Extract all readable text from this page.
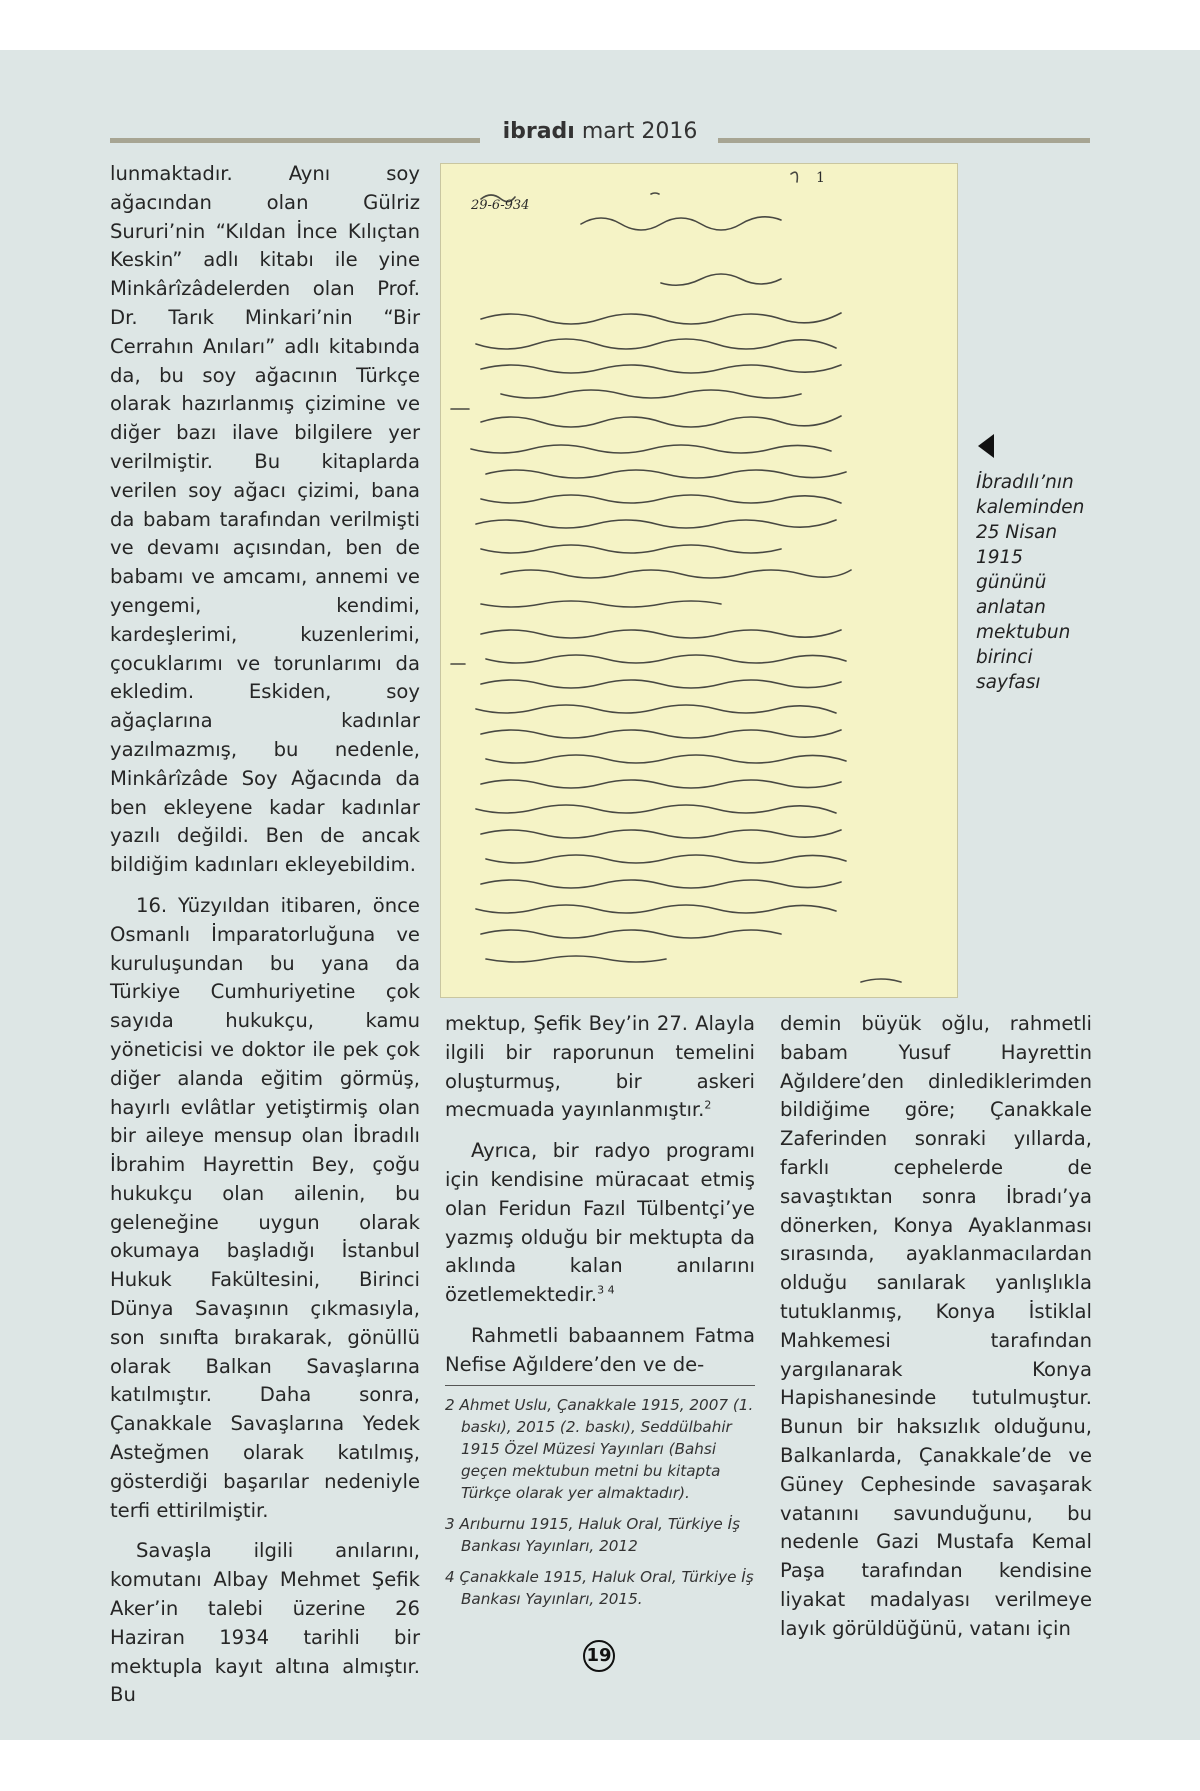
ibradı mart 2016

lunmaktadır. Aynı soy ağacından olan Gülriz Sururi’nin “Kıldan İnce Kılıçtan Keskin” adlı kitabı ile yine Minkârîzâdelerden olan Prof. Dr. Tarık Minkari’nin “Bir Cerrahın Anıları” adlı kitabında da, bu soy ağacının Türkçe olarak hazırlanmış çizimine ve diğer bazı ilave bilgilere yer verilmiştir. Bu kitaplarda verilen soy ağacı çizimi, bana da babam tarafından verilmişti ve devamı açısından, ben de babamı ve amcamı, annemi ve yengemi, kendimi, kardeşlerimi, kuzenlerimi, çocuklarımı ve torunlarımı da ekledim. Eskiden, soy ağaçlarına kadınlar yazılmazmış, bu nedenle, Minkârîzâde Soy Ağacında da ben ekleyene kadar kadınlar yazılı değildi. Ben de ancak bildiğim kadınları ekleyebildim.

16. Yüzyıldan itibaren, önce Osmanlı İmparatorluğuna ve kuruluşundan bu yana da Türkiye Cumhuriyetine çok sayıda hukukçu, kamu yöneticisi ve doktor ile pek çok diğer alanda eğitim görmüş, hayırlı evlâtlar yetiştirmiş olan bir aileye mensup olan İbradılı İbrahim Hayrettin Bey, çoğu hukukçu olan ailenin, bu geleneğine uygun olarak okumaya başladığı İstanbul Hukuk Fakültesini, Birinci Dünya Savaşının çıkmasıyla, son sınıfta bırakarak, gönüllü olarak Balkan Savaşlarına katılmıştır. Daha sonra, Çanakkale Savaşlarına Yedek Asteğmen olarak katılmış, gösterdiği başarılar nedeniyle terfi ettirilmiştir.

Savaşla ilgili anılarını, komutanı Albay Mehmet Şefik Aker’in talebi üzerine 26 Haziran 1934 tarihli bir mektupla kayıt altına almıştır. Bu

29-6-934
1
İbradılı’nın kaleminden 25 Nisan 1915 gününü anlatan mektubun birinci sayfası

mektup, Şefik Bey’in 27. Alayla ilgili bir raporunun temelini oluşturmuş, bir askeri mecmuada yayınlanmıştır.$^2$

Ayrıca, bir radyo programı için kendisine müracaat etmiş olan Feridun Fazıl Tülbentçi’ye yazmış olduğu bir mektupta da aklında kalan anılarını özetlemektedir.$^{3 4}$

Rahmetli babaannem Fatma Nefise Ağıldere’den ve de-

2 Ahmet Uslu, Çanakkale 1915, 2007 (1. baskı), 2015 (2. baskı), Seddülbahir 1915 Özel Müzesi Yayınları (Bahsi geçen mektubun metni bu kitapta Türkçe olarak yer almaktadır).

3 Arıburnu 1915, Haluk Oral, Türkiye İş Bankası Yayınları, 2012

4 Çanakkale 1915, Haluk Oral, Türkiye İş Bankası Yayınları, 2015.

demin büyük oğlu, rahmetli babam Yusuf Hayrettin Ağıldere’den dinlediklerimden bildiğime göre; Çanakkale Zaferinden sonraki yıllarda, farklı cephelerde de savaştıktan sonra İbradı’ya dönerken, Konya Ayaklanması sırasında, ayaklanmacılardan olduğu sanılarak yanlışlıkla tutuklanmış, Konya İstiklal Mahkemesi tarafından yargılanarak Konya Hapishanesinde tutulmuştur. Bunun bir haksızlık olduğunu, Balkanlarda, Çanakkale’de ve Güney Cephesinde savaşarak vatanını savunduğunu, bu nedenle Gazi Mustafa Kemal Paşa tarafından kendisine liyakat madalyası verilmeye layık görüldüğünü, vatanı için

19
